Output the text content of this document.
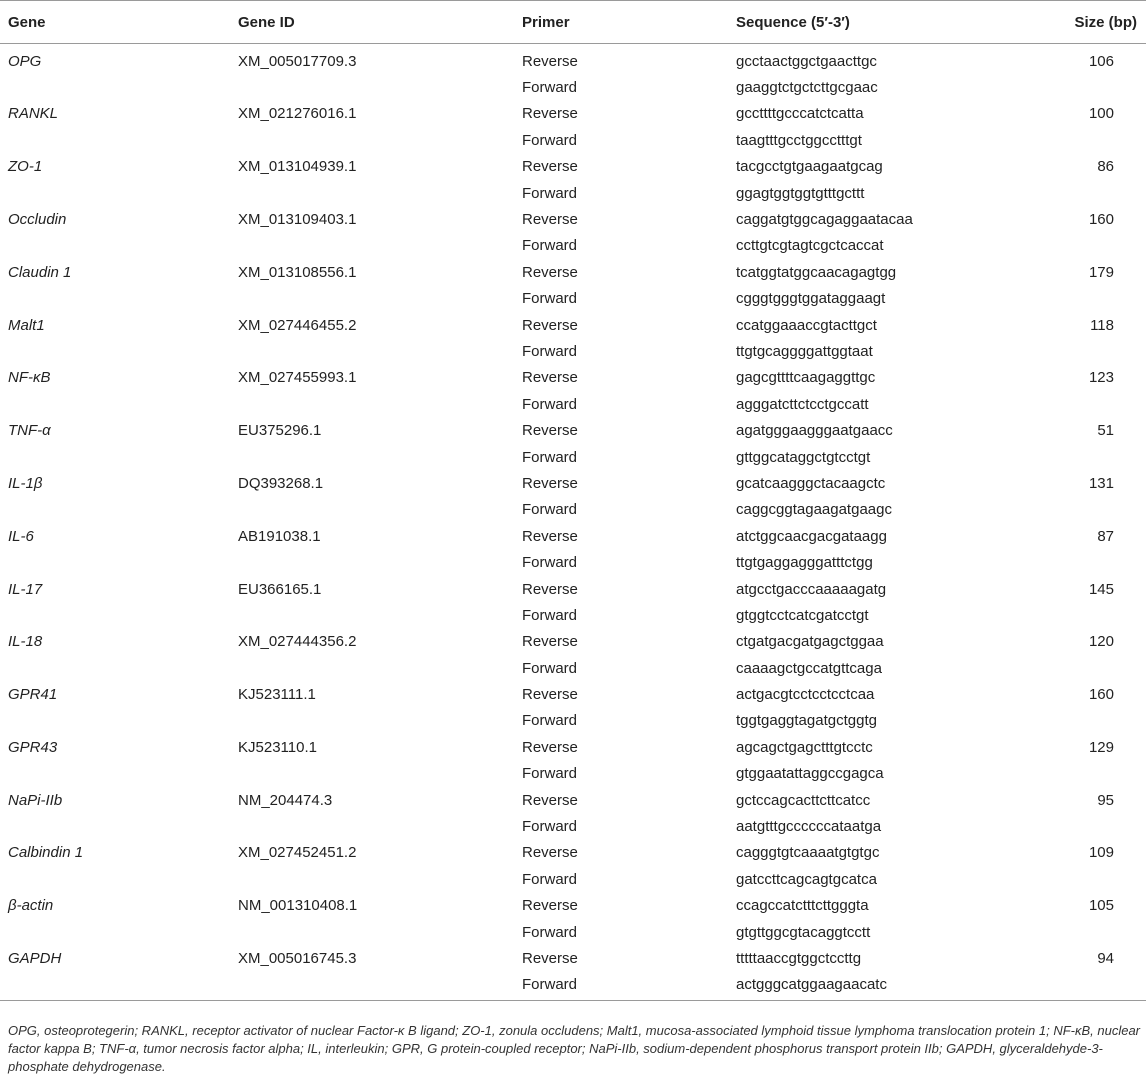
Gene	Gene ID	Primer	Sequence (5′-3′)	Size (bp)

OPG	XM_005017709.3	Reverse	gcctaactggctgaacttgc	106
		Forward	gaaggtctgctcttgcgaac	
RANKL	XM_021276016.1	Reverse	gccttttgcccatctcatta	100
		Forward	taagtttgcctggcctttgt	
ZO-1	XM_013104939.1	Reverse	tacgcctgtgaagaatgcag	86
		Forward	ggagtggtggtgtttgcttt	
Occludin	XM_013109403.1	Reverse	caggatgtggcagaggaatacaa	160
		Forward	ccttgtcgtagtcgctcaccat	
Claudin 1	XM_013108556.1	Reverse	tcatggtatggcaacagagtgg	179
		Forward	cgggtgggtggataggaagt	
Malt1	XM_027446455.2	Reverse	ccatggaaaccgtacttgct	118
		Forward	ttgtgcaggggattggtaat	
NF-κB	XM_027455993.1	Reverse	gagcgttttcaagaggttgc	123
		Forward	agggatcttctcctgccatt	
TNF-α	EU375296.1	Reverse	agatgggaagggaatgaacc	51
		Forward	gttggcataggctgtcctgt	
IL-1β	DQ393268.1	Reverse	gcatcaagggctacaagctc	131
		Forward	caggcggtagaagatgaagc	
IL-6	AB191038.1	Reverse	atctggcaacgacgataagg	87
		Forward	ttgtgaggagggatttctgg	
IL-17	EU366165.1	Reverse	atgcctgacccaaaaagatg	145
		Forward	gtggtcctcatcgatcctgt	
IL-18	XM_027444356.2	Reverse	ctgatgacgatgagctggaa	120
		Forward	caaaagctgccatgttcaga	
GPR41	KJ523111.1	Reverse	actgacgtcctcctcctcaa	160
		Forward	tggtgaggtagatgctggtg	
GPR43	KJ523110.1	Reverse	agcagctgagctttgtcctc	129
		Forward	gtggaatattaggccgagca	
NaPi-IIb	NM_204474.3	Reverse	gctccagcacttcttcatcc	95
		Forward	aatgtttgccccccataatga	
Calbindin 1	XM_027452451.2	Reverse	cagggtgtcaaaatgtgtgc	109
		Forward	gatccttcagcagtgcatca	
β-actin	NM_001310408.1	Reverse	ccagccatctttcttgggta	105
		Forward	gtgttggcgtacaggtcctt	
GAPDH	XM_005016745.3	Reverse	tttttaaccgtggctccttg	94
		Forward	actgggcatggaagaacatc	
OPG, osteoprotegerin; RANKL, receptor activator of nuclear Factor-κ B ligand; ZO-1, zonula occludens; Malt1, mucosa-associated lymphoid tissue lymphoma translocation protein 1; NF-κB, nuclear factor kappa B; TNF-α, tumor necrosis factor alpha; IL, interleukin; GPR, G protein-coupled receptor; NaPi-IIb, sodium-dependent phosphorus transport protein IIb; GAPDH, glyceraldehyde-3-phosphate dehydrogenase.
